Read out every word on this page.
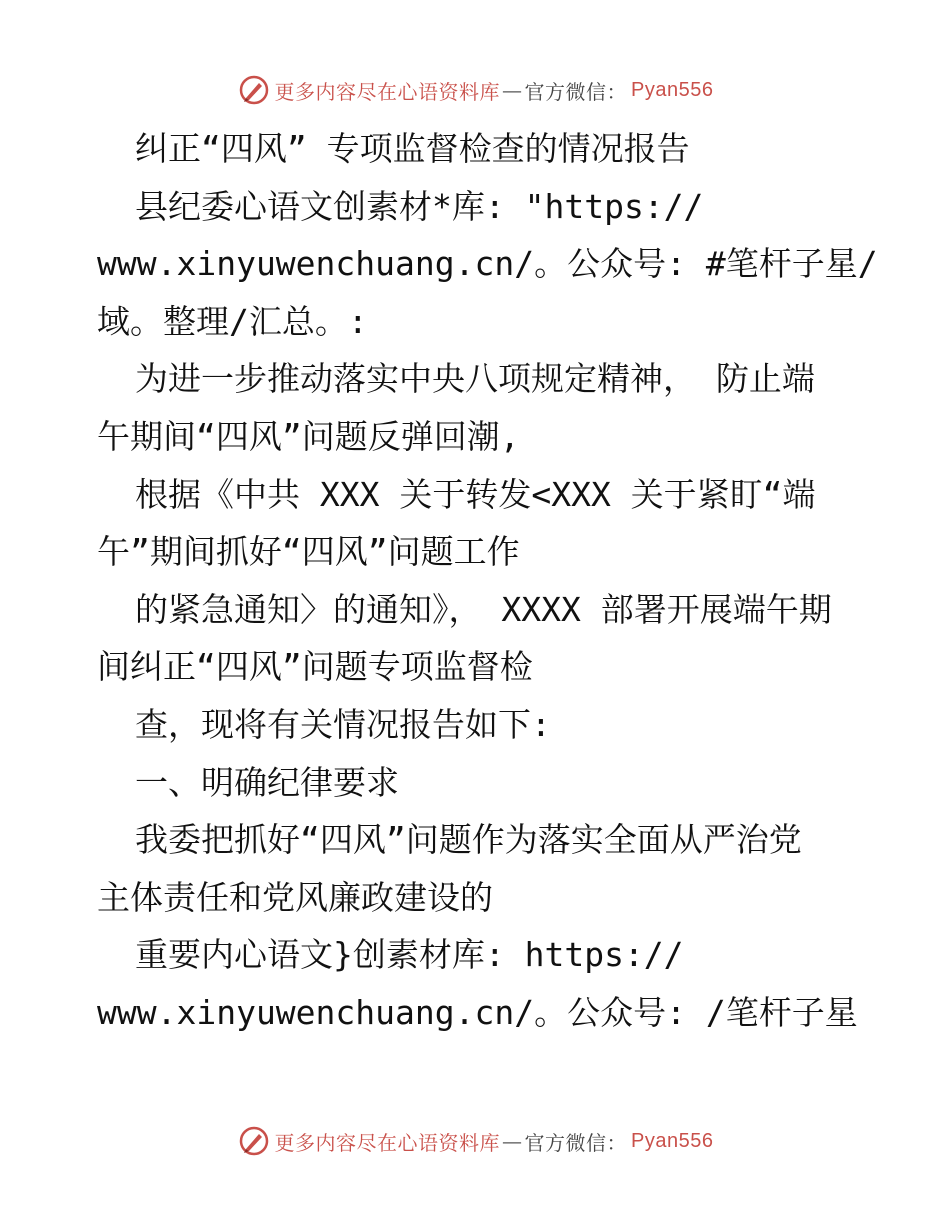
更多内容尽在心语资料库 — 官方微信： Pyan556

纠正“四风” 专项监督检查的情况报告

县纪委心语文创素材*库: "https://

www.xinyuwenchuang.cn/。公众号: #笔杆子星/

域。整理/汇总。:

为进一步推动落实中央八项规定精神， 防止端

午期间“四风”问题反弹回潮,

根据《中共 XXX 关于转发<XXX 关于紧盯“端

午”期间抓好“四风”问题工作

的紧急通知〉的通知》， XXXX 部署开展端午期

间纠正“四风”问题专项监督检

查，现将有关情况报告如下:

一、明确纪律要求

我委把抓好“四风”问题作为落实全面从严治党

主体责任和党风廉政建设的

重要内心语文}创素材库: https://

www.xinyuwenchuang.cn/。公众号: /笔杆子星

更多内容尽在心语资料库 — 官方微信： Pyan556
